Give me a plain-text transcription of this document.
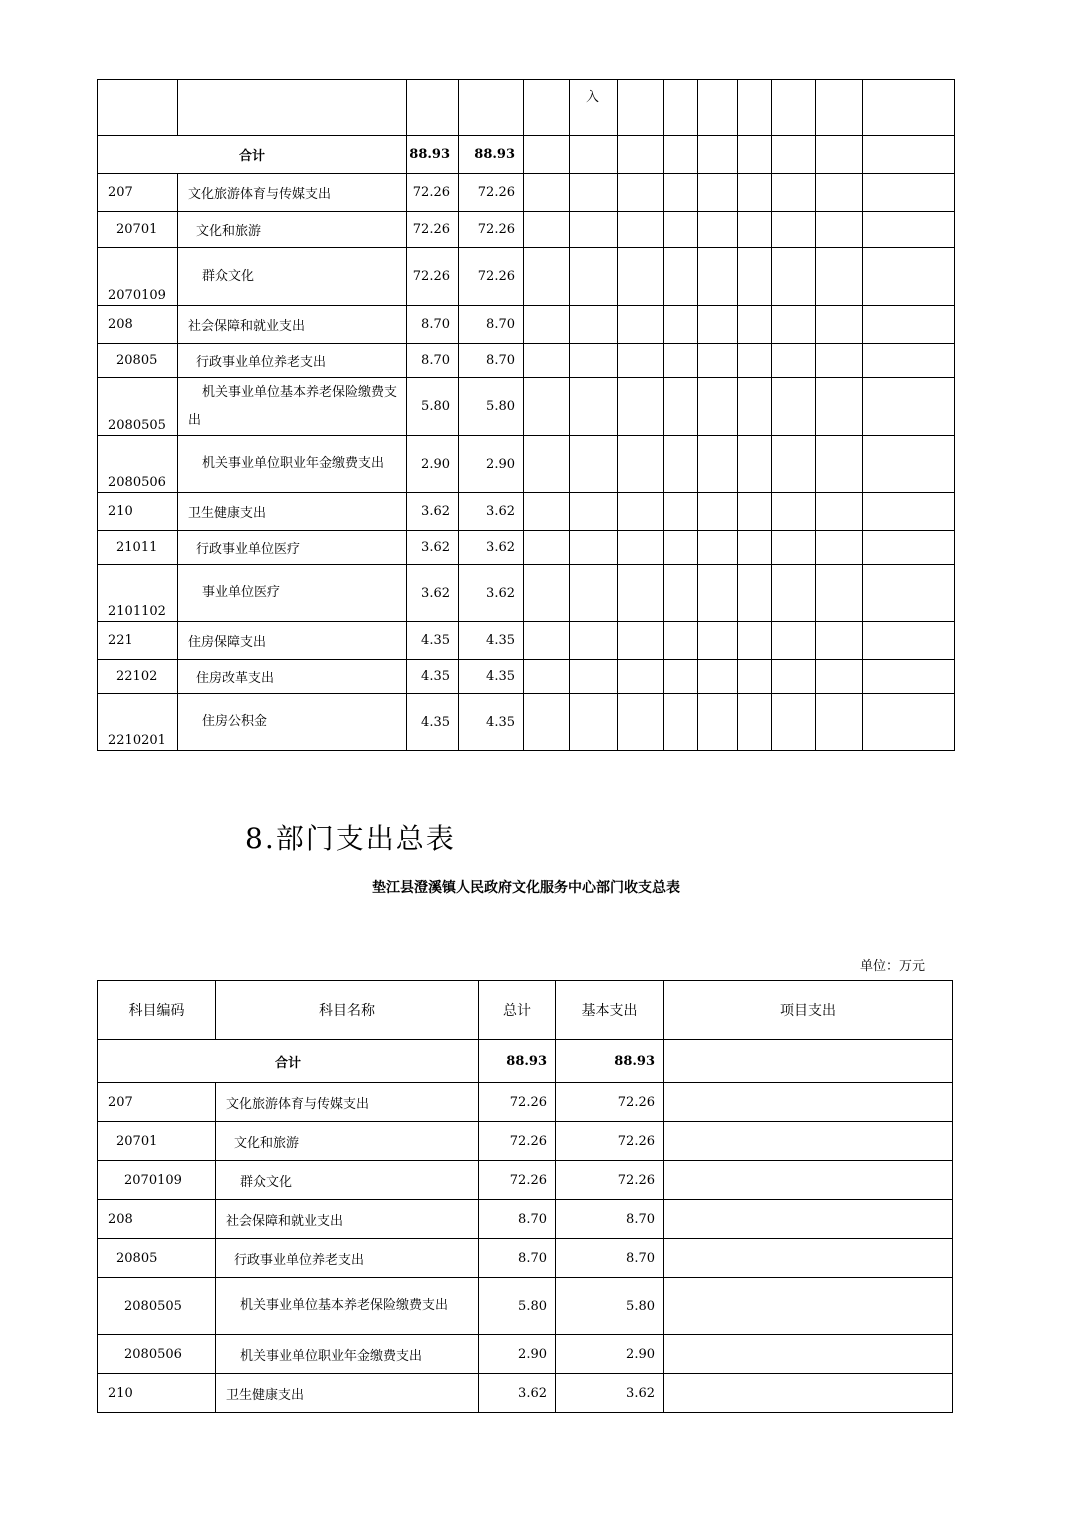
					入							
合计		88.93	88.93									
207	文化旅游体育与传媒支出	72.26	72.26									
20701	文化和旅游	72.26	72.26									
2070109	群众文化	72.26	72.26									
208	社会保障和就业支出	8.70	8.70									
20805	行政事业单位养老支出	8.70	8.70									
2080505	机关事业单位基本养老保险缴费支出	5.80	5.80									
2080506	机关事业单位职业年金缴费支出	2.90	2.90									
210	卫生健康支出	3.62	3.62									
21011	行政事业单位医疗	3.62	3.62									
2101102	事业单位医疗	3.62	3.62									
221	住房保障支出	4.35	4.35									
22102	住房改革支出	4.35	4.35									
2210201	住房公积金	4.35	4.35									
8.部门支出总表
垫江县澄溪镇人民政府文化服务中心部门收支总表
单位：万元
科目编码	科目名称	总计	基本支出	项目支出
合计		88.93	88.93	
207	文化旅游体育与传媒支出	72.26	72.26	
20701	文化和旅游	72.26	72.26	
2070109	群众文化	72.26	72.26	
208	社会保障和就业支出	8.70	8.70	
20805	行政事业单位养老支出	8.70	8.70	
2080505	机关事业单位基本养老保险缴费支出	5.80	5.80	
2080506	机关事业单位职业年金缴费支出	2.90	2.90	
210	卫生健康支出	3.62	3.62	
